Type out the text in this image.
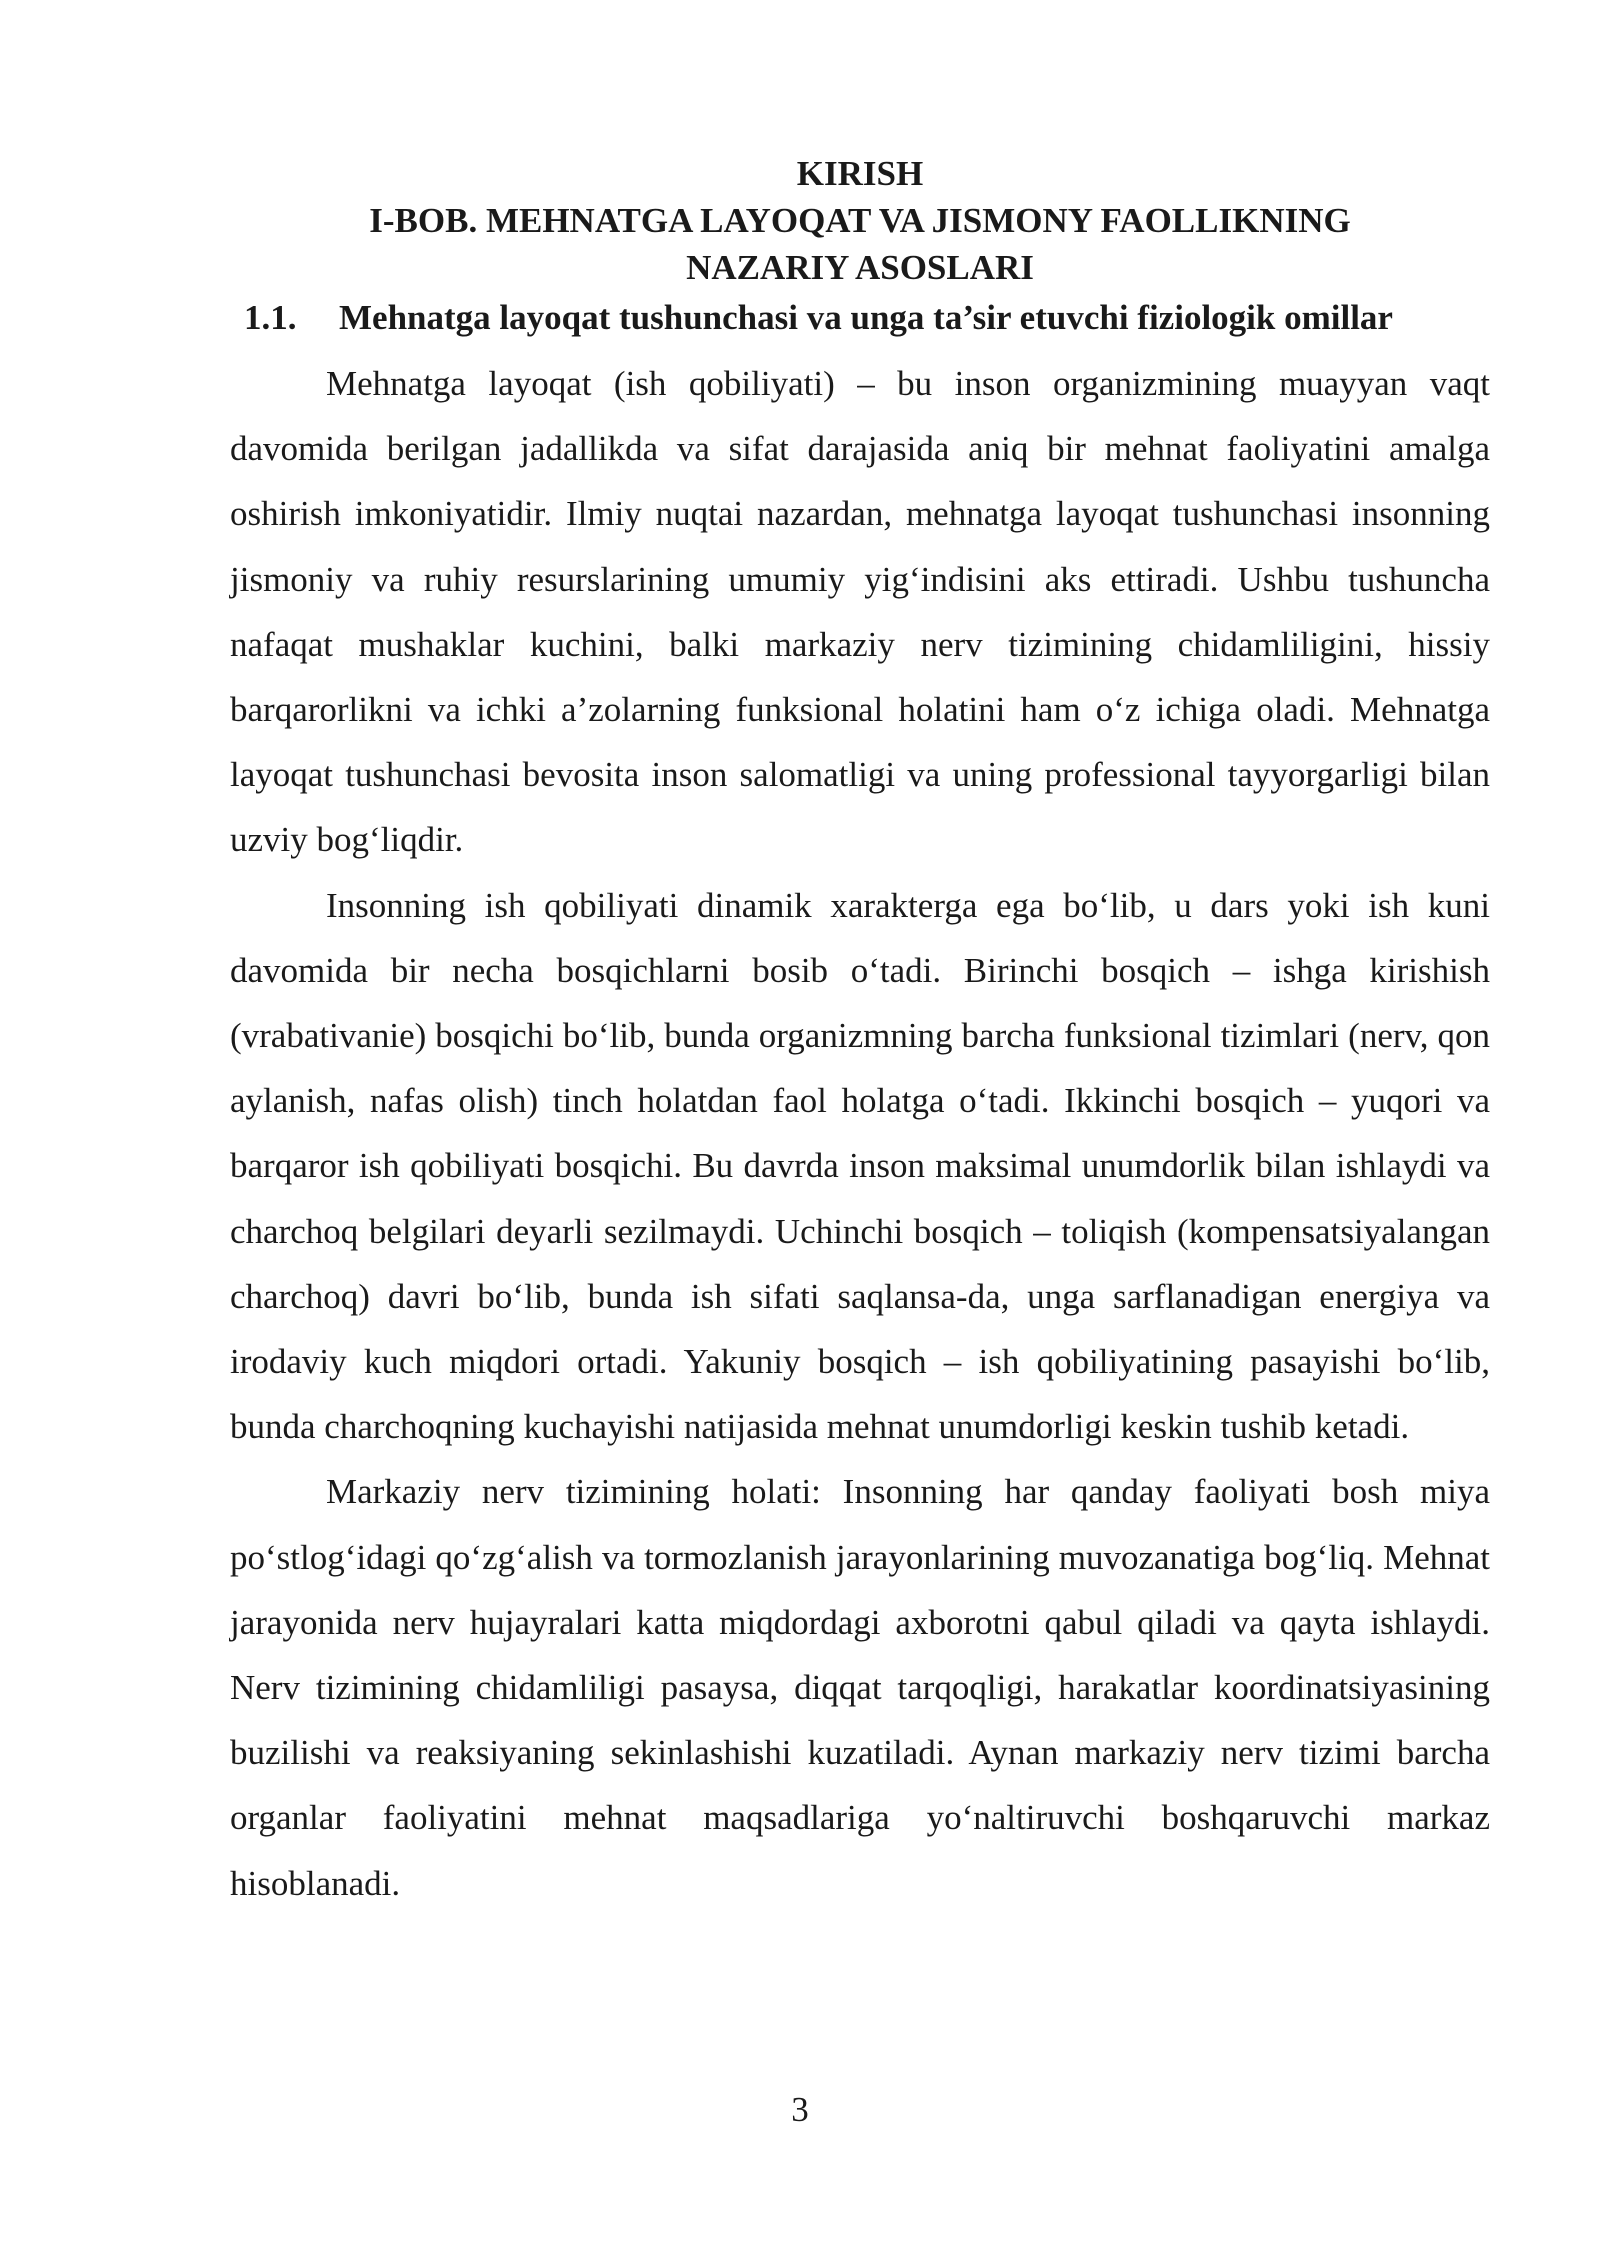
KIRISH
I-BOB. MEHNATGA LAYOQAT VA JISMONY FAOLLIKNING
NAZARIY ASOSLARI
1.1. Mehnatga layoqat tushunchasi va unga ta’sir etuvchi fiziologik omillar

Mehnatga layoqat (ish qobiliyati) – bu inson organizmining muayyan vaqt davomida berilgan jadallikda va sifat darajasida aniq bir mehnat faoliyatini amalga oshirish imkoniyatidir. Ilmiy nuqtai nazardan, mehnatga layoqat tushunchasi insonning jismoniy va ruhiy resurslarining umumiy yig‘indisini aks ettiradi. Ushbu tushuncha nafaqat mushaklar kuchini, balki markaziy nerv tizimining chidamliligini, hissiy barqarorlikni va ichki a’zolarning funksional holatini ham o‘z ichiga oladi. Mehnatga layoqat tushunchasi bevosita inson salomatligi va uning professional tayyorgarligi bilan uzviy bog‘liqdir.

Insonning ish qobiliyati dinamik xarakterga ega bo‘lib, u dars yoki ish kuni davomida bir necha bosqichlarni bosib o‘tadi. Birinchi bosqich – ishga kirishish (vrabativanie) bosqichi bo‘lib, bunda organizmning barcha funksional tizimlari (nerv, qon aylanish, nafas olish) tinch holatdan faol holatga o‘tadi. Ikkinchi bosqich – yuqori va barqaror ish qobiliyati bosqichi. Bu davrda inson maksimal unumdorlik bilan ishlaydi va charchoq belgilari deyarli sezilmaydi. Uchinchi bosqich – toliqish (kompensatsiyalangan charchoq) davri bo‘lib, bunda ish sifati saqlansa-da, unga sarflanadigan energiya va irodaviy kuch miqdori ortadi. Yakuniy bosqich – ish qobiliyatining pasayishi bo‘lib, bunda charchoqning kuchayishi natijasida mehnat unumdorligi keskin tushib ketadi.

Markaziy nerv tizimining holati: Insonning har qanday faoliyati bosh miya po‘stlog‘idagi qo‘zg‘alish va tormozlanish jarayonlarining muvozanatiga bog‘liq. Mehnat jarayonida nerv hujayralari katta miqdordagi axborotni qabul qiladi va qayta ishlaydi. Nerv tizimining chidamliligi pasaysa, diqqat tarqoqligi, harakatlar koordinatsiyasining buzilishi va reaksiyaning sekinlashishi kuzatiladi. Aynan markaziy nerv tizimi barcha organlar faoliyatini mehnat maqsadlariga yo‘naltiruvchi boshqaruvchi markaz hisoblanadi.

3
